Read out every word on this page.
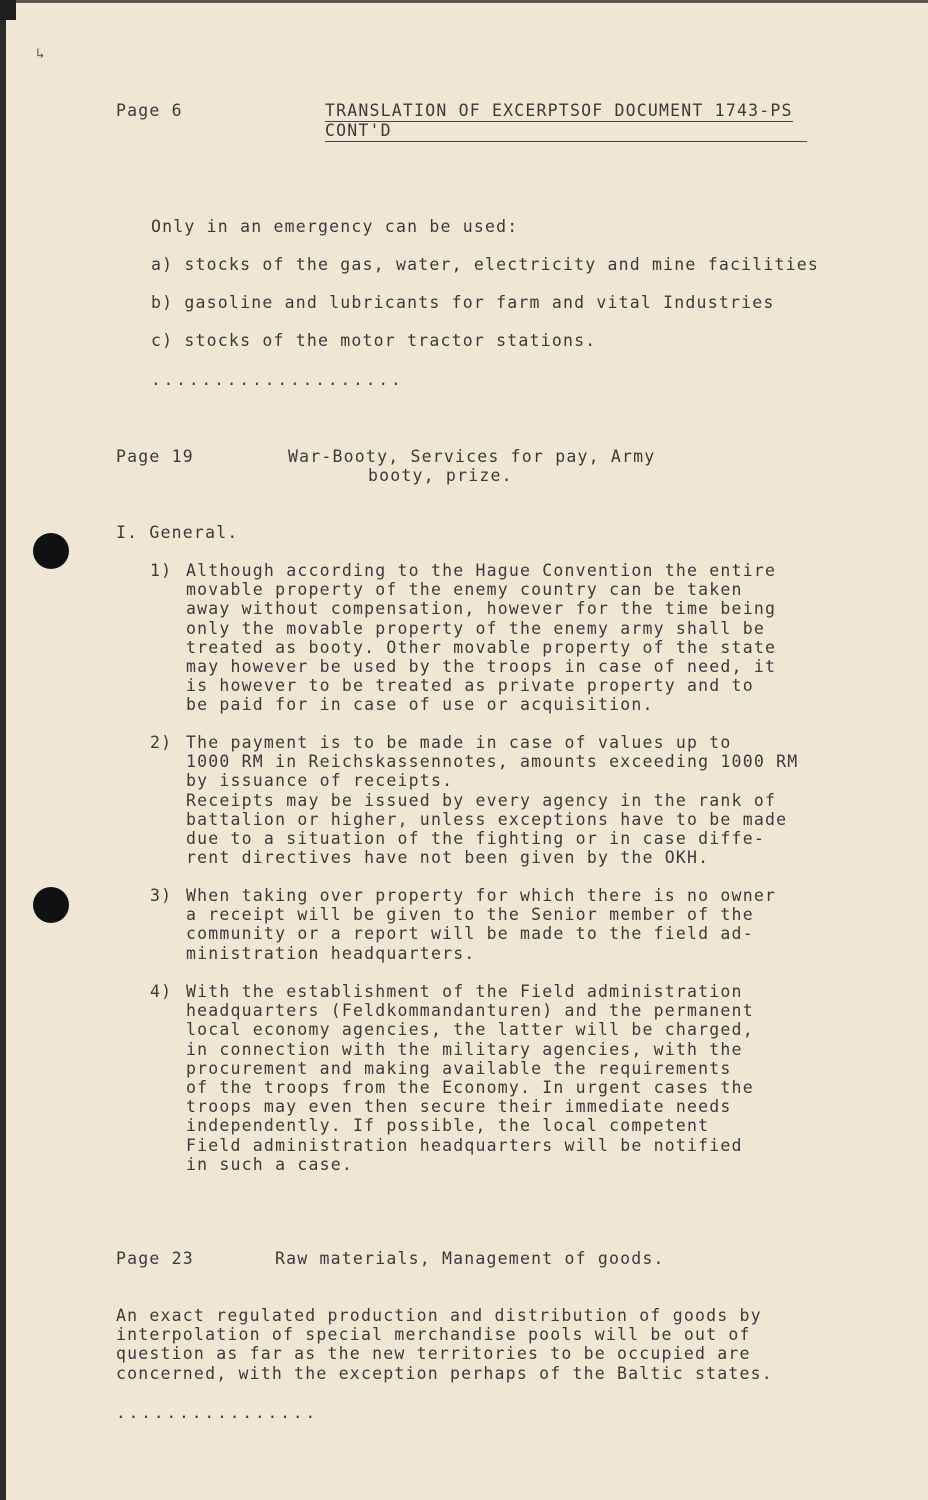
↳
Page 6	TRANSLATION OF EXCERPTSOF DOCUMENT 1743-PS
CONT'D
Only in an emergency can be used:
a) stocks of the gas, water, electricity and mine facilities
b) gasoline and lubricants for farm and vital Industries
c) stocks of the motor tractor stations.
....................
Page 19	War-Booty, Services for pay, Army
booty, prize.
I. General.
1) Although according to the Hague Convention the entire
movable property of the enemy country can be taken
away without compensation, however for the time being
only the movable property of the enemy army shall be
treated as booty. Other movable property of the state
may however be used by the troops in case of need, it
is however to be treated as private property and to
be paid for in case of use or acquisition.
2) The payment is to be made in case of values up to
1000 RM in Reichskassennotes, amounts exceeding 1000 RM
by issuance of receipts.
Receipts may be issued by every agency in the rank of
battalion or higher, unless exceptions have to be made
due to a situation of the fighting or in case diffe-
rent directives have not been given by the OKH.
3) When taking over property for which there is no owner
a receipt will be given to the Senior member of the
community or a report will be made to the field ad-
ministration headquarters.
4) With the establishment of the Field administration
headquarters (Feldkommandanturen) and the permanent
local economy agencies, the latter will be charged,
in connection with the military agencies, with the
procurement and making available the requirements
of the troops from the Economy. In urgent cases the
troops may even then secure their immediate needs
independently. If possible, the local competent
Field administration headquarters will be notified
in such a case.
Page 23	Raw materials, Management of goods.
An exact regulated production and distribution of goods by
interpolation of special merchandise pools will be out of
question as far as the new territories to be occupied are
concerned, with the exception perhaps of the Baltic states.
................
